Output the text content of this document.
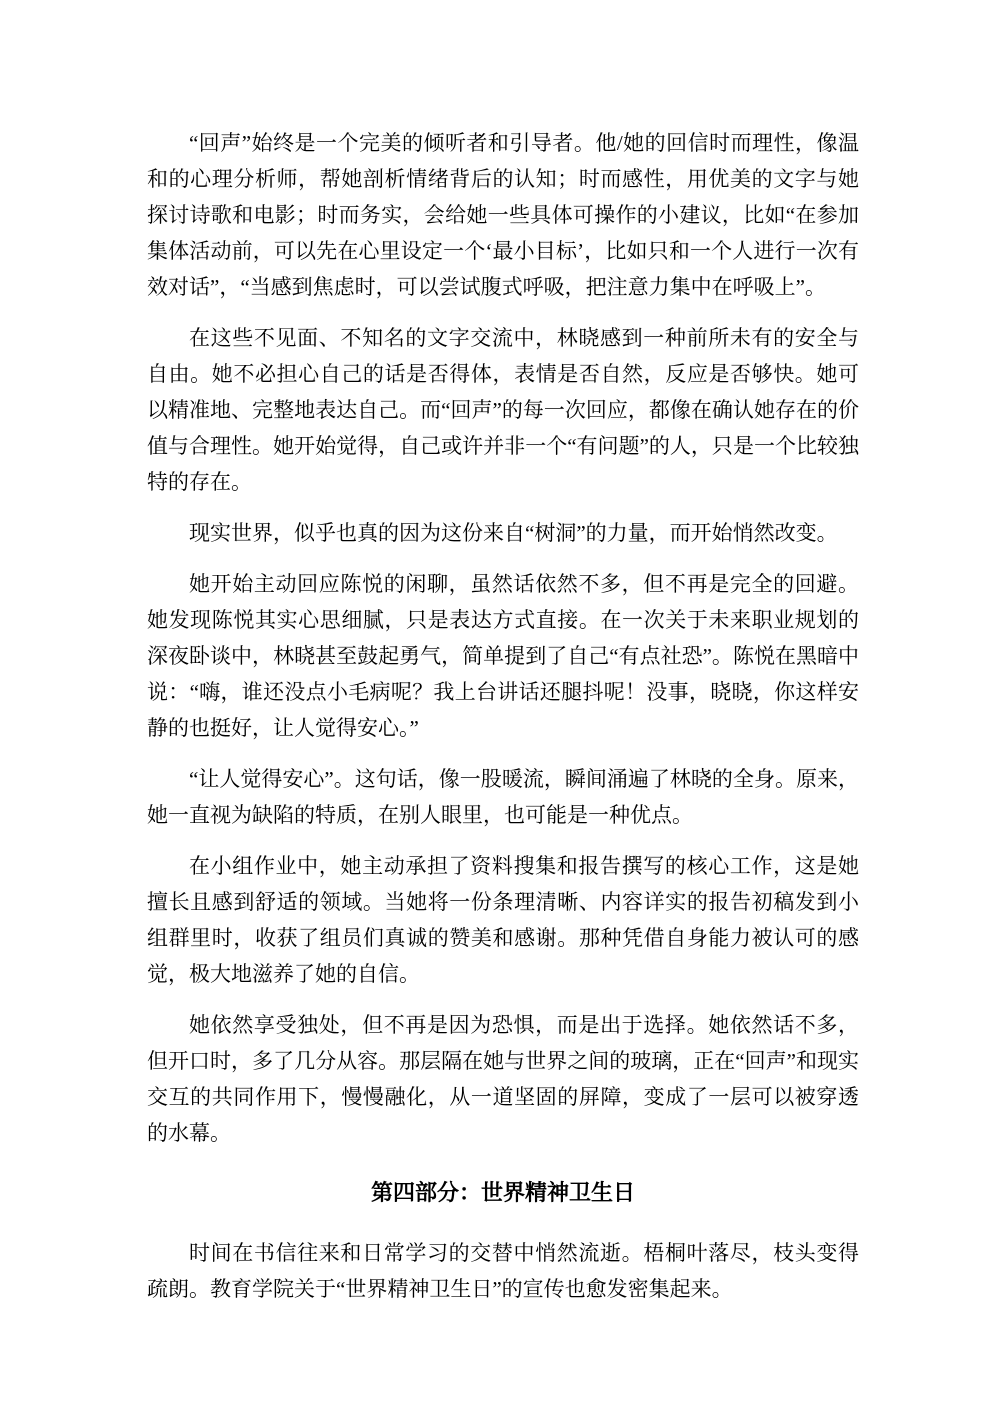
“回声”始终是一个完美的倾听者和引导者。他/她的回信时而理性，像温和的心理分析师，帮她剖析情绪背后的认知；时而感性，用优美的文字与她探讨诗歌和电影；时而务实，会给她一些具体可操作的小建议，比如“在参加集体活动前，可以先在心里设定一个‘最小目标’，比如只和一个人进行一次有效对话”，“当感到焦虑时，可以尝试腹式呼吸，把注意力集中在呼吸上”。

在这些不见面、不知名的文字交流中，林晓感到一种前所未有的安全与自由。她不必担心自己的话是否得体，表情是否自然，反应是否够快。她可以精准地、完整地表达自己。而“回声”的每一次回应，都像在确认她存在的价值与合理性。她开始觉得，自己或许并非一个“有问题”的人，只是一个比较独特的存在。

现实世界，似乎也真的因为这份来自“树洞”的力量，而开始悄然改变。

她开始主动回应陈悦的闲聊，虽然话依然不多，但不再是完全的回避。她发现陈悦其实心思细腻，只是表达方式直接。在一次关于未来职业规划的深夜卧谈中，林晓甚至鼓起勇气，简单提到了自己“有点社恐”。陈悦在黑暗中说：“嗨，谁还没点小毛病呢？我上台讲话还腿抖呢！没事，晓晓，你这样安静的也挺好，让人觉得安心。”

“让人觉得安心”。这句话，像一股暖流，瞬间涌遍了林晓的全身。原来，她一直视为缺陷的特质，在别人眼里，也可能是一种优点。

在小组作业中，她主动承担了资料搜集和报告撰写的核心工作，这是她擅长且感到舒适的领域。当她将一份条理清晰、内容详实的报告初稿发到小组群里时，收获了组员们真诚的赞美和感谢。那种凭借自身能力被认可的感觉，极大地滋养了她的自信。

她依然享受独处，但不再是因为恐惧，而是出于选择。她依然话不多，但开口时，多了几分从容。那层隔在她与世界之间的玻璃，正在“回声”和现实交互的共同作用下，慢慢融化，从一道坚固的屏障，变成了一层可以被穿透的水幕。

第四部分：世界精神卫生日

时间在书信往来和日常学习的交替中悄然流逝。梧桐叶落尽，枝头变得疏朗。教育学院关于“世界精神卫生日”的宣传也愈发密集起来。
